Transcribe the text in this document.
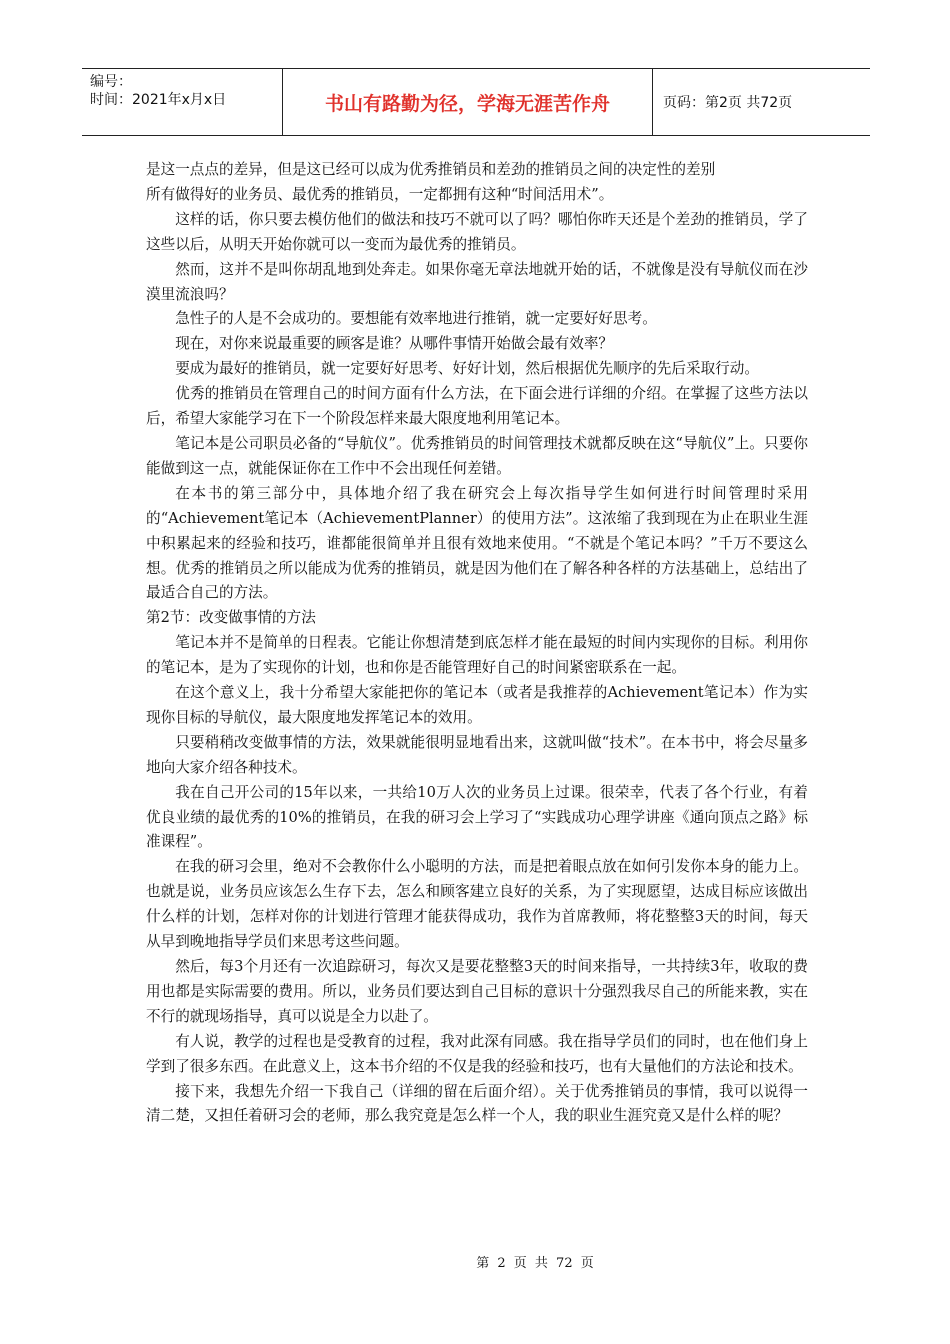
编号：
时间：2021年x月x日	书山有路勤为径，学海无涯苦作舟	页码：第2页 共72页

是这一点点的差异，但是这已经可以成为优秀推销员和差劲的推销员之间的决定性的差别

所有做得好的业务员、最优秀的推销员，一定都拥有这种“时间活用术”。

这样的话，你只要去模仿他们的做法和技巧不就可以了吗？哪怕你昨天还是个差劲的推销员，学了这些以后，从明天开始你就可以一变而为最优秀的推销员。

然而，这并不是叫你胡乱地到处奔走。如果你毫无章法地就开始的话，不就像是没有导航仪而在沙漠里流浪吗？

急性子的人是不会成功的。要想能有效率地进行推销，就一定要好好思考。

现在，对你来说最重要的顾客是谁？从哪件事情开始做会最有效率？

要成为最好的推销员，就一定要好好思考、好好计划，然后根据优先顺序的先后采取行动。

优秀的推销员在管理自己的时间方面有什么方法，在下面会进行详细的介绍。在掌握了这些方法以后，希望大家能学习在下一个阶段怎样来最大限度地利用笔记本。

笔记本是公司职员必备的“导航仪”。优秀推销员的时间管理技术就都反映在这“导航仪”上。只要你能做到这一点，就能保证你在工作中不会出现任何差错。

在本书的第三部分中，具体地介绍了我在研究会上每次指导学生如何进行时间管理时采用的“Achievement笔记本（AchievementPlanner）的使用方法”。这浓缩了我到现在为止在职业生涯中积累起来的经验和技巧，谁都能很简单并且很有效地来使用。“不就是个笔记本吗？”千万不要这么想。优秀的推销员之所以能成为优秀的推销员，就是因为他们在了解各种各样的方法基础上，总结出了最适合自己的方法。

第2节：改变做事情的方法

笔记本并不是简单的日程表。它能让你想清楚到底怎样才能在最短的时间内实现你的目标。利用你的笔记本，是为了实现你的计划，也和你是否能管理好自己的时间紧密联系在一起。

在这个意义上，我十分希望大家能把你的笔记本（或者是我推荐的Achievement笔记本）作为实现你目标的导航仪，最大限度地发挥笔记本的效用。

只要稍稍改变做事情的方法，效果就能很明显地看出来，这就叫做“技术”。在本书中，将会尽量多地向大家介绍各种技术。

我在自己开公司的15年以来，一共给10万人次的业务员上过课。很荣幸，代表了各个行业，有着优良业绩的最优秀的10%的推销员，在我的研习会上学习了“实践成功心理学讲座《通向顶点之路》标准课程”。

在我的研习会里，绝对不会教你什么小聪明的方法，而是把着眼点放在如何引发你本身的能力上。也就是说，业务员应该怎么生存下去，怎么和顾客建立良好的关系，为了实现愿望，达成目标应该做出什么样的计划，怎样对你的计划进行管理才能获得成功，我作为首席教师，将花整整3天的时间，每天从早到晚地指导学员们来思考这些问题。

然后，每3个月还有一次追踪研习，每次又是要花整整3天的时间来指导，一共持续3年，收取的费用也都是实际需要的费用。所以，业务员们要达到自己目标的意识十分强烈我尽自己的所能来教，实在不行的就现场指导，真可以说是全力以赴了。

有人说，教学的过程也是受教育的过程，我对此深有同感。我在指导学员们的同时，也在他们身上学到了很多东西。在此意义上，这本书介绍的不仅是我的经验和技巧，也有大量他们的方法论和技术。

接下来，我想先介绍一下我自己（详细的留在后面介绍）。关于优秀推销员的事情，我可以说得一清二楚，又担任着研习会的老师，那么我究竟是怎么样一个人，我的职业生涯究竟又是什么样的呢？

第 2 页 共 72 页
